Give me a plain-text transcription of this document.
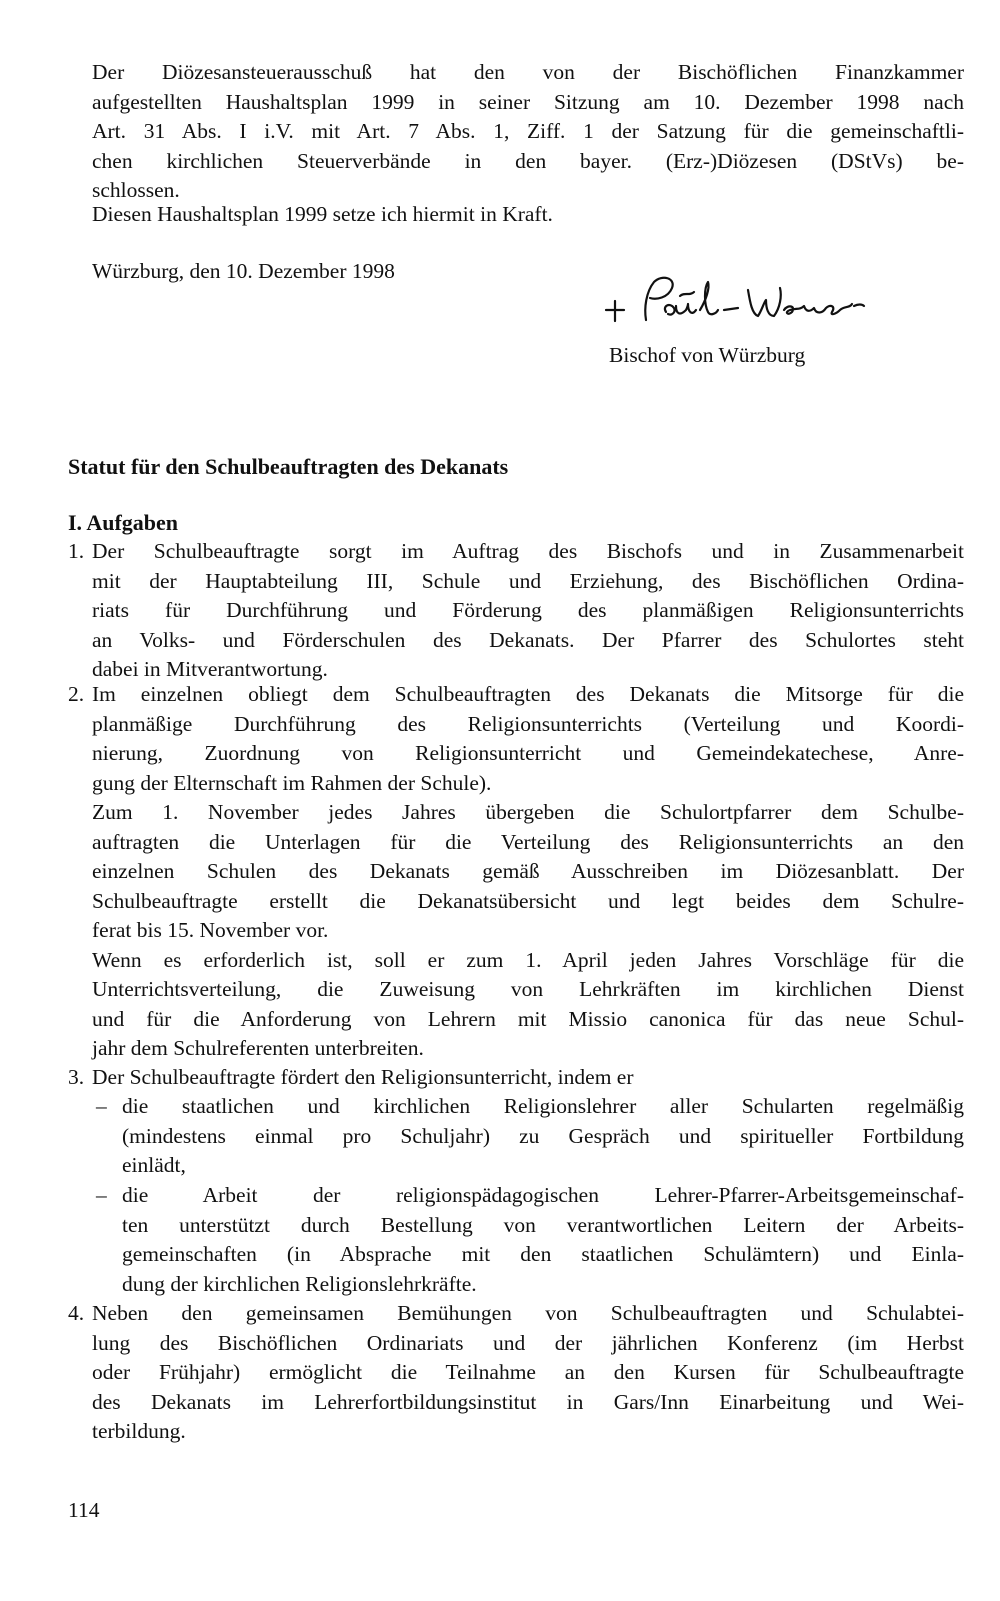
Der Diözesansteuerausschuß hat den von der Bischöflichen Finanzkammer
aufgestellten Haushaltsplan 1999 in seiner Sitzung am 10. Dezember 1998 nach
Art. 31 Abs. I i.V. mit Art. 7 Abs. 1, Ziff. 1 der Satzung für die gemeinschaftli-
chen kirchlichen Steuerverbände in den bayer. (Erz-)Diözesen (DStVs) be-
schlossen.
Diesen Haushaltsplan 1999 setze ich hiermit in Kraft.
Würzburg, den 10. Dezember 1998
Bischof von Würzburg
Statut für den Schulbeauftragten des Dekanats
I. Aufgaben
1. Der Schulbeauftragte sorgt im Auftrag des Bischofs und in Zusammenarbeit
mit der Hauptabteilung III, Schule und Erziehung, des Bischöflichen Ordina-
riats für Durchführung und Förderung des planmäßigen Religionsunterrichts
an Volks- und Förderschulen des Dekanats. Der Pfarrer des Schulortes steht
dabei in Mitverantwortung.
2. Im einzelnen obliegt dem Schulbeauftragten des Dekanats die Mitsorge für die
planmäßige Durchführung des Religionsunterrichts (Verteilung und Koordi-
nierung, Zuordnung von Religionsunterricht und Gemeindekatechese, Anre-
gung der Elternschaft im Rahmen der Schule).
Zum 1. November jedes Jahres übergeben die Schulortpfarrer dem Schulbe-
auftragten die Unterlagen für die Verteilung des Religionsunterrichts an den
einzelnen Schulen des Dekanats gemäß Ausschreiben im Diözesanblatt. Der
Schulbeauftragte erstellt die Dekanatsübersicht und legt beides dem Schulre-
ferat bis 15. November vor.
Wenn es erforderlich ist, soll er zum 1. April jeden Jahres Vorschläge für die
Unterrichtsverteilung, die Zuweisung von Lehrkräften im kirchlichen Dienst
und für die Anforderung von Lehrern mit Missio canonica für das neue Schul-
jahr dem Schulreferenten unterbreiten.
3. Der Schulbeauftragte fördert den Religionsunterricht, indem er
– die staatlichen und kirchlichen Religionslehrer aller Schularten regelmäßig
(mindestens einmal pro Schuljahr) zu Gespräch und spiritueller Fortbildung
einlädt,
– die Arbeit der religionspädagogischen Lehrer-Pfarrer-Arbeitsgemeinschaf-
ten unterstützt durch Bestellung von verantwortlichen Leitern der Arbeits-
gemeinschaften (in Absprache mit den staatlichen Schulämtern) und Einla-
dung der kirchlichen Religionslehrkräfte.
4. Neben den gemeinsamen Bemühungen von Schulbeauftragten und Schulabtei-
lung des Bischöflichen Ordinariats und der jährlichen Konferenz (im Herbst
oder Frühjahr) ermöglicht die Teilnahme an den Kursen für Schulbeauftragte
des Dekanats im Lehrerfortbildungsinstitut in Gars/Inn Einarbeitung und Wei-
terbildung.
114
